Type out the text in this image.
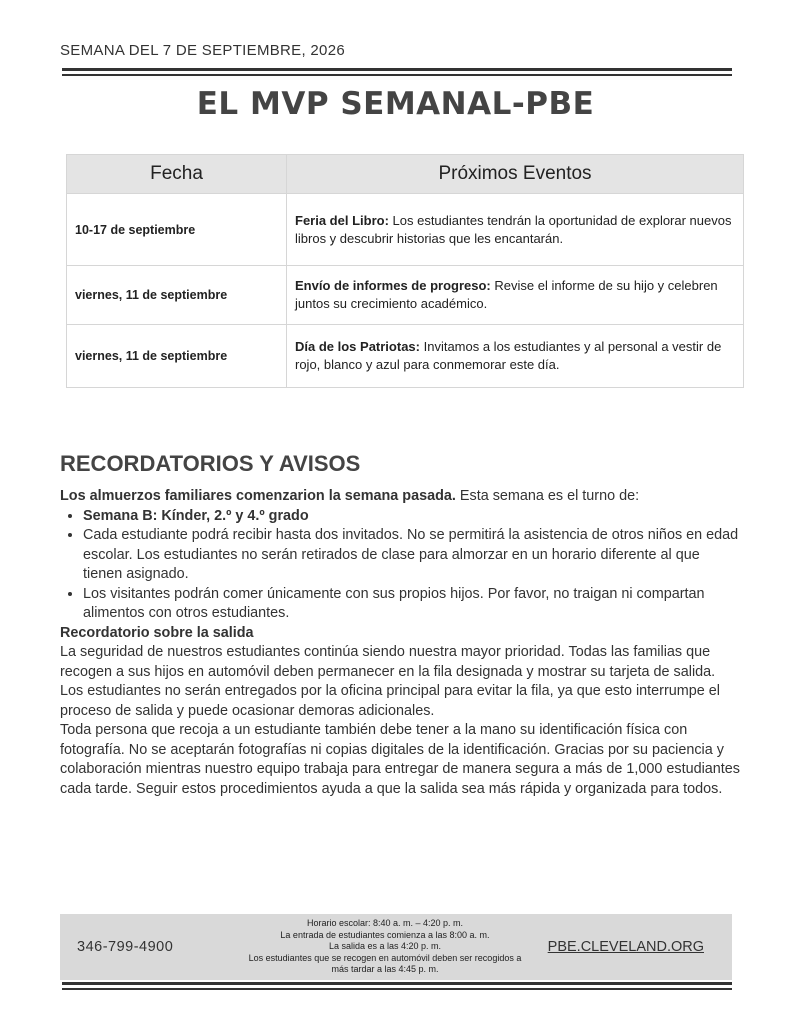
SEMANA DEL 7 DE SEPTIEMBRE, 2026
EL MVP SEMANAL-PBE
Fecha	Próximos Eventos
10-17 de septiembre	Feria del Libro: Los estudiantes tendrán la oportunidad de explorar nuevos libros y descubrir historias que les encantarán.
viernes, 11 de septiembre	Envío de informes de progreso: Revise el informe de su hijo y celebren juntos su crecimiento académico.
viernes, 11 de septiembre	Día de los Patriotas: Invitamos a los estudiantes y al personal a vestir de rojo, blanco y azul para conmemorar este día.
RECORDATORIOS Y AVISOS

Los almuerzos familiares comenzarion la semana pasada. Esta semana es el turno de:

• Semana B: Kínder, 2.º y 4.º grado
• Cada estudiante podrá recibir hasta dos invitados. No se permitirá la asistencia de otros niños en edad escolar. Los estudiantes no serán retirados de clase para almorzar en un horario diferente al que tienen asignado.
• Los visitantes podrán comer únicamente con sus propios hijos. Por favor, no traigan ni compartan alimentos con otros estudiantes.

Recordatorio sobre la salida

La seguridad de nuestros estudiantes continúa siendo nuestra mayor prioridad. Todas las familias que recogen a sus hijos en automóvil deben permanecer en la fila designada y mostrar su tarjeta de salida. Los estudiantes no serán entregados por la oficina principal para evitar la fila, ya que esto interrumpe el proceso de salida y puede ocasionar demoras adicionales.

Toda persona que recoja a un estudiante también debe tener a la mano su identificación física con fotografía. No se aceptarán fotografías ni copias digitales de la identificación. Gracias por su paciencia y colaboración mientras nuestro equipo trabaja para entregar de manera segura a más de 1,000 estudiantes cada tarde. Seguir estos procedimientos ayuda a que la salida sea más rápida y organizada para todos.

346-799-4900
Horario escolar: 8:40 a. m. – 4:20 p. m.
La entrada de estudiantes comienza a las 8:00 a. m.
La salida es a las 4:20 p. m.
Los estudiantes que se recogen en automóvil deben ser recogidos a
más tardar a las 4:45 p. m.
PBE.CLEVELAND.ORG
